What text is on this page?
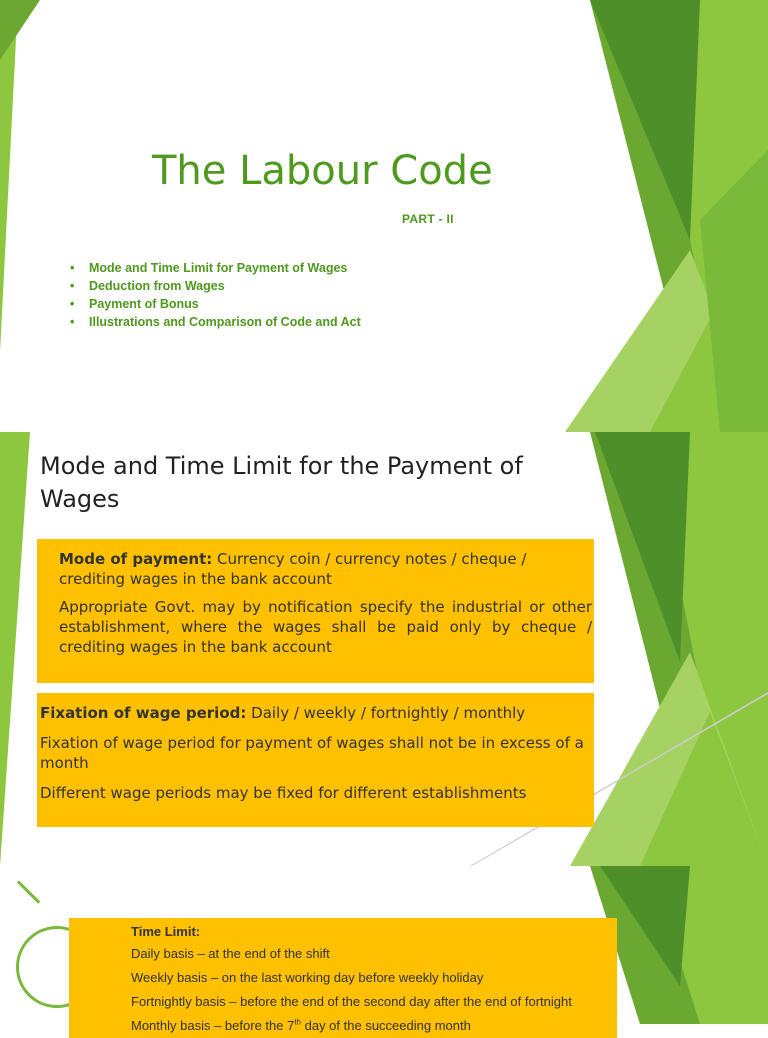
The Labour Code
PART - II
• Mode and Time Limit for Payment of Wages
• Deduction from Wages
• Payment of Bonus
• Illustrations and Comparison of Code and Act
Mode and Time Limit for the Payment of Wages

Mode of payment: Currency coin / currency notes / cheque / crediting wages in the bank account

Appropriate Govt. may by notification specify the industrial or other establishment, where the wages shall be paid only by cheque / crediting wages in the bank account

Fixation of wage period: Daily / weekly / fortnightly / monthly

Fixation of wage period for payment of wages shall not be in excess of a month

Different wage periods may be fixed for different establishments

Time Limit:

Daily basis – at the end of the shift

Weekly basis – on the last working day before weekly holiday

Fortnightly basis – before the end of the second day after the end of fortnight

Monthly basis – before the 7th day of the succeeding month
